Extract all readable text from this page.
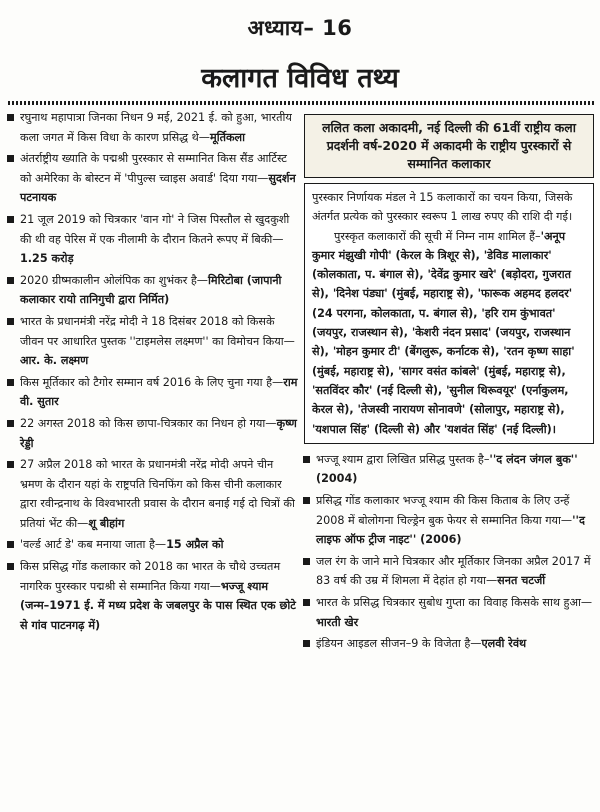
अध्याय– 16
कलागत विविध तथ्य
रघुनाथ महापात्रा जिनका निधन 9 मई, 2021 ई. को हुआ, भारतीय कला जगत में किस विधा के कारण प्रसिद्ध थे—मूर्तिकला
अंतर्राष्ट्रीय ख्याति के पद्मश्री पुरस्कार से सम्मानित किस सैंड आर्टिस्ट को अमेरिका के बोस्टन में 'पीपुल्स च्वाइस अवार्ड' दिया गया—सुदर्शन पटनायक
21 जूल 2019 को चित्रकार 'वान गो' ने जिस पिस्तौल से खुदकुशी की थी वह पेरिस में एक नीलामी के दौरान कितने रूपए में बिकी—1.25 करोड़
2020 ग्रीष्मकालीन ओलंपिक का शुभंकर है—मिरिटोबा (जापानी कलाकार रायो तानिगुची द्वारा निर्मित)
भारत के प्रधानमंत्री नरेंद्र मोदी ने 18 दिसंबर 2018 को किसके जीवन पर आधारित पुस्तक ''टाइमलेस लक्ष्मण'' का विमोचन किया—आर. के. लक्ष्मण
किस मूर्तिकार को टैगोर सम्मान वर्ष 2016 के लिए चुना गया है—राम वी. सुतार
22 अगस्त 2018 को किस छापा-चित्रकार का निधन हो गया—कृष्ण रेड्डी
27 अप्रैल 2018 को भारत के प्रधानमंत्री नरेंद्र मोदी अपने चीन भ्रमण के दौरान यहां के राष्ट्रपति चिनफिंग को किस चीनी कलाकार द्वारा रवीन्द्रनाथ के विश्वभारती प्रवास के दौरान बनाई गई दो चित्रों की प्रतियां भेंट की—शू बीहांग
'वर्ल्ड आर्ट डे' कब मनाया जाता है—15 अप्रैल को
किस प्रसिद्ध गोंड कलाकार को 2018 का भारत के चौथे उच्चतम नागरिक पुरस्कार पद्मश्री से सम्मानित किया गया—भज्जू श्याम (जन्म–1971 ई. में मध्य प्रदेश के जबलपुर के पास स्थित एक छोटे से गांव पाटनगढ़ में)
ललित कला अकादमी, नई दिल्ली की 61वीं राष्ट्रीय कला प्रदर्शनी वर्ष-2020 में अकादमी के राष्ट्रीय पुरस्कारों से सम्मानित कलाकार

पुरस्कार निर्णायक मंडल ने 15 कलाकारों का चयन किया, जिसके अंतर्गत प्रत्येक को पुरस्कार स्वरूप 1 लाख रुपए की राशि दी गई।

पुरस्कृत कलाकारों की सूची में निम्न नाम शामिल हैं–'अनूप कुमार मंझुखी गोपी' (केरल के त्रिशूर से), 'डेविड मालाकार' (कोलकाता, प. बंगाल से), 'देवेंद्र कुमार खरे' (बड़ोदरा, गुजरात से), 'दिनेश पंड्या' (मुंबई, महाराष्ट्र से), 'फारूक अहमद हलदर' (24 परगना, कोलकाता, प. बंगाल से), 'हरि राम कुंभावत' (जयपुर, राजस्थान से), 'केशरी नंदन प्रसाद' (जयपुर, राजस्थान से), 'मोहन कुमार टी' (बेंगलुरू, कर्नाटक से), 'रतन कृष्ण साहा' (मुंबई, महाराष्ट्र से), 'सागर वसंत कांबले' (मुंबई, महाराष्ट्र से), 'सतविंदर कौर' (नई दिल्ली से), 'सुनील थिरूवयूर' (एर्नाकुलम, केरल से), 'तेजस्वी नारायण सोनावणे' (सोलापुर, महाराष्ट्र से), 'यशपाल सिंह' (दिल्ली से) और 'यशवंत सिंह' (नई दिल्ली)।

भज्जू श्याम द्वारा लिखित प्रसिद्ध पुस्तक है–''द लंदन जंगल बुक'' (2004)
प्रसिद्ध गोंड कलाकार भज्जू श्याम की किस किताब के लिए उन्हें 2008 में बोलोगना चिल्ड्रेन बुक फेयर से सम्मानित किया गया—''द लाइफ ऑफ ट्रीज नाइट'' (2006)
जल रंग के जाने माने चित्रकार और मूर्तिकार जिनका अप्रैल 2017 में 83 वर्ष की उम्र में शिमला में देहांत हो गया—सनत चटर्जी
भारत के प्रसिद्ध चित्रकार सुबोध गुप्ता का विवाह किसके साथ हुआ—भारती खेर
इंडियन आइडल सीजन–9 के विजेता है—एलवी रेवंथ
